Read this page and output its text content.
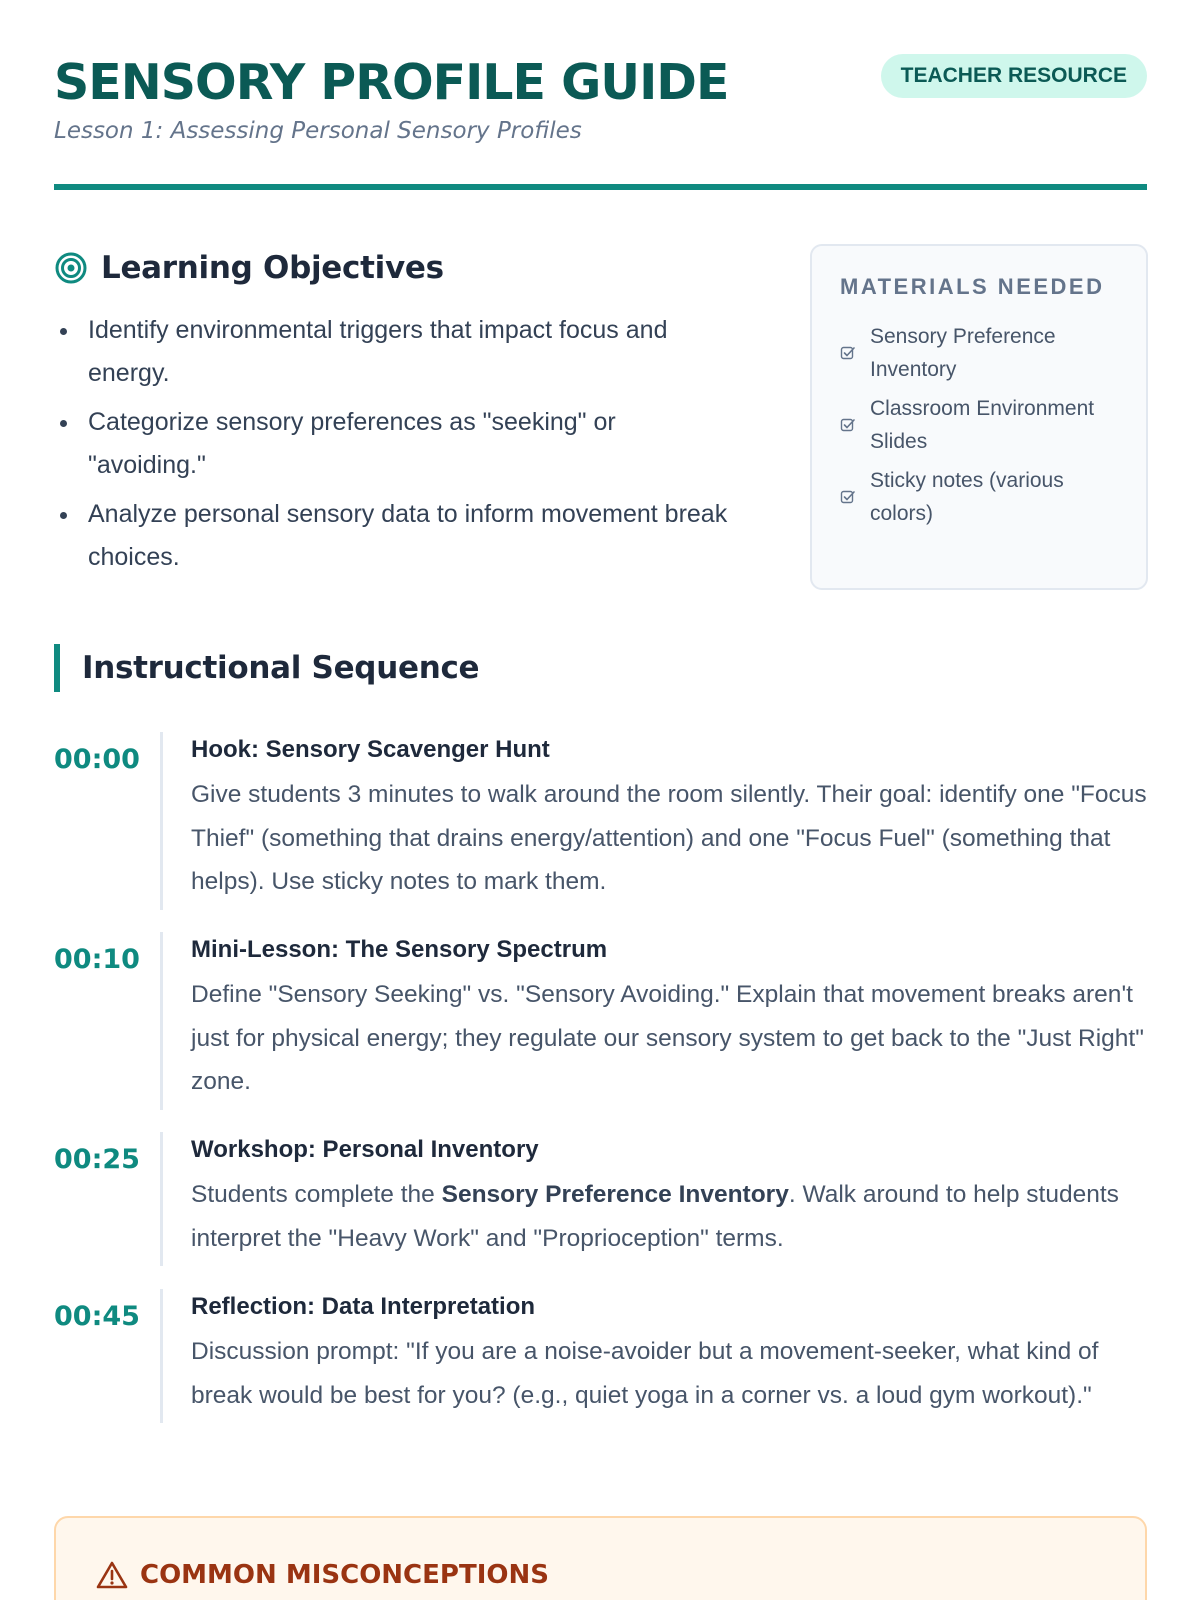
SENSORY PROFILE GUIDE
Lesson 1: Assessing Personal Sensory Profiles
TEACHER RESOURCE
Learning Objectives
Identify environmental triggers that impact focus and energy.
Categorize sensory preferences as "seeking" or "avoiding."
Analyze personal sensory data to inform movement break choices.
MATERIALS NEEDED
Sensory Preference Inventory
Classroom Environment Slides
Sticky notes (various colors)
Instructional Sequence
00:00 Hook: Sensory Scavenger Hunt

Give students 3 minutes to walk around the room silently. Their goal: identify one "Focus Thief" (something that drains energy/attention) and one "Focus Fuel" (something that helps). Use sticky notes to mark them.

00:10 Mini-Lesson: The Sensory Spectrum

Define "Sensory Seeking" vs. "Sensory Avoiding." Explain that movement breaks aren't just for physical energy; they regulate our sensory system to get back to the "Just Right" zone.

00:25 Workshop: Personal Inventory

Students complete the Sensory Preference Inventory. Walk around to help students interpret the "Heavy Work" and "Proprioception" terms.

00:45 Reflection: Data Interpretation

Discussion prompt: "If you are a noise-avoider but a movement-seeker, what kind of break would be best for you? (e.g., quiet yoga in a corner vs. a loud gym workout)."

COMMON MISCONCEPTIONS
